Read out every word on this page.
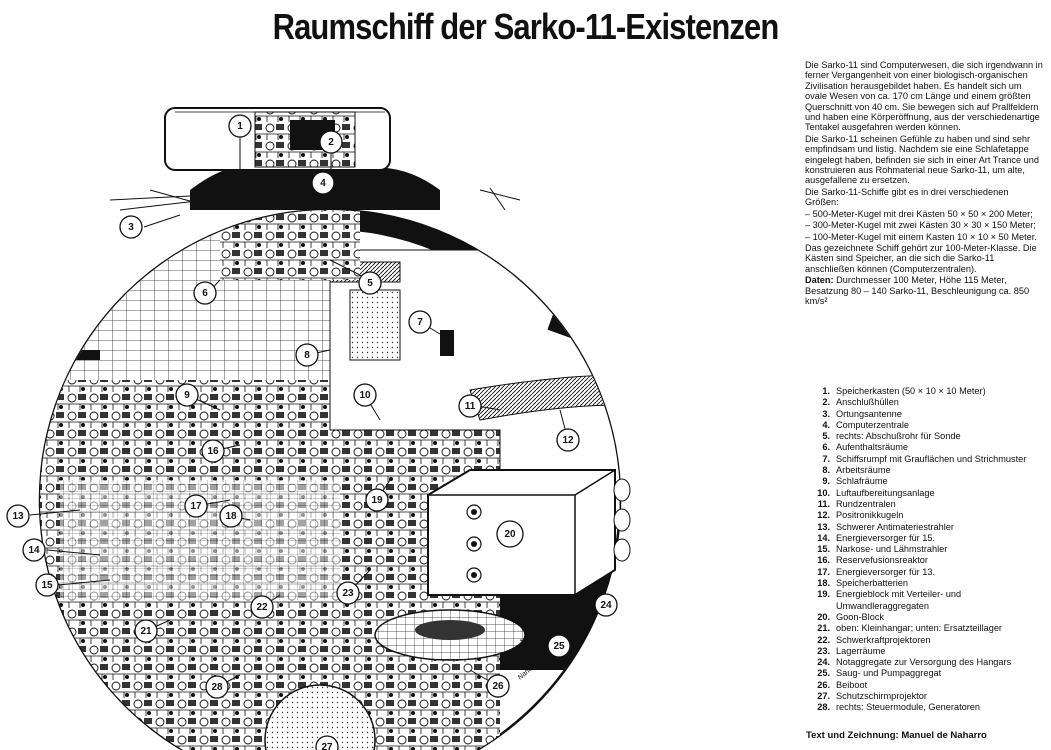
Raumschiff der Sarko-11-Existenzen
Naharo
1
2
3
4
5
6
7
8
9	10
11
12
13
14
15
16
17
18
19
20
21
22
23
24
25
26
27
28

Die Sarko-11 sind Computerwesen, die sich irgendwann in ferner Vergangenheit von einer biologisch-organischen Zivilisation herausgebildet haben. Es handelt sich um ovale Wesen von ca. 170 cm Länge und einem größten Querschnitt von 40 cm. Sie bewegen sich auf Prallfeldern und haben eine Körperöffnung, aus der verschiedenartige Tentakel ausgefahren werden können.

Die Sarko-11 scheinen Gefühle zu haben und sind sehr empfindsam und listig. Nachdem sie eine Schlafetappe eingelegt haben, befinden sie sich in einer Art Trance und konstruieren aus Rohmaterial neue Sarko-11, um alte, ausgefallene zu ersetzen.

Die Sarko-11-Schiffe gibt es in drei verschiedenen Größen:

– 500-Meter-Kugel mit drei Kästen 50 × 50 × 200 Meter;

– 300-Meter-Kugel mit zwei Kästen 30 × 30 × 150 Meter;

– 100-Meter-Kugel mit einem Kasten 10 × 10 × 50 Meter.

Das gezeichnete Schiff gehört zur 100-Meter-Klasse. Die Kästen sind Speicher, an die sich die Sarko-11 anschließen können (Computerzentralen).

Daten: Durchmesser 100 Meter, Höhe 115 Meter, Besatzung 80 – 140 Sarko-11, Beschleunigung ca. 850 km/s²

1. Speicherkasten (50 × 10 × 10 Meter)
2. Anschlußhüllen
3. Ortungsantenne
4. Computerzentrale
5. rechts: Abschußrohr für Sonde
6. Aufenthaltsräume
7. Schiffsrumpf mit Grauflächen und Strichmuster
8. Arbeitsräume
9. Schlafräume
10. Luftaufbereitungsanlage
11. Rundzentralen
12. Positronikkugeln
13. Schwerer Antimateriestrahler
14. Energieversorger für 15.
15. Narkose- und Lähmstrahler
16. Reservefusionsreaktor
17. Energieversorger für 13.
18. Speicherbatterien
19. Energieblock mit Verteiler- und Umwandleraggregaten
20. Goon-Block
21. oben: Kleinhangar; unten: Ersatzteillager
22. Schwerkraftprojektoren
23. Lagerräume
24. Notaggregate zur Versorgung des Hangars
25. Saug- und Pumpaggregat
26. Beiboot
27. Schutzschirmprojektor
28. rechts: Steuermodule, Generatoren
Text und Zeichnung: Manuel de Naharro
